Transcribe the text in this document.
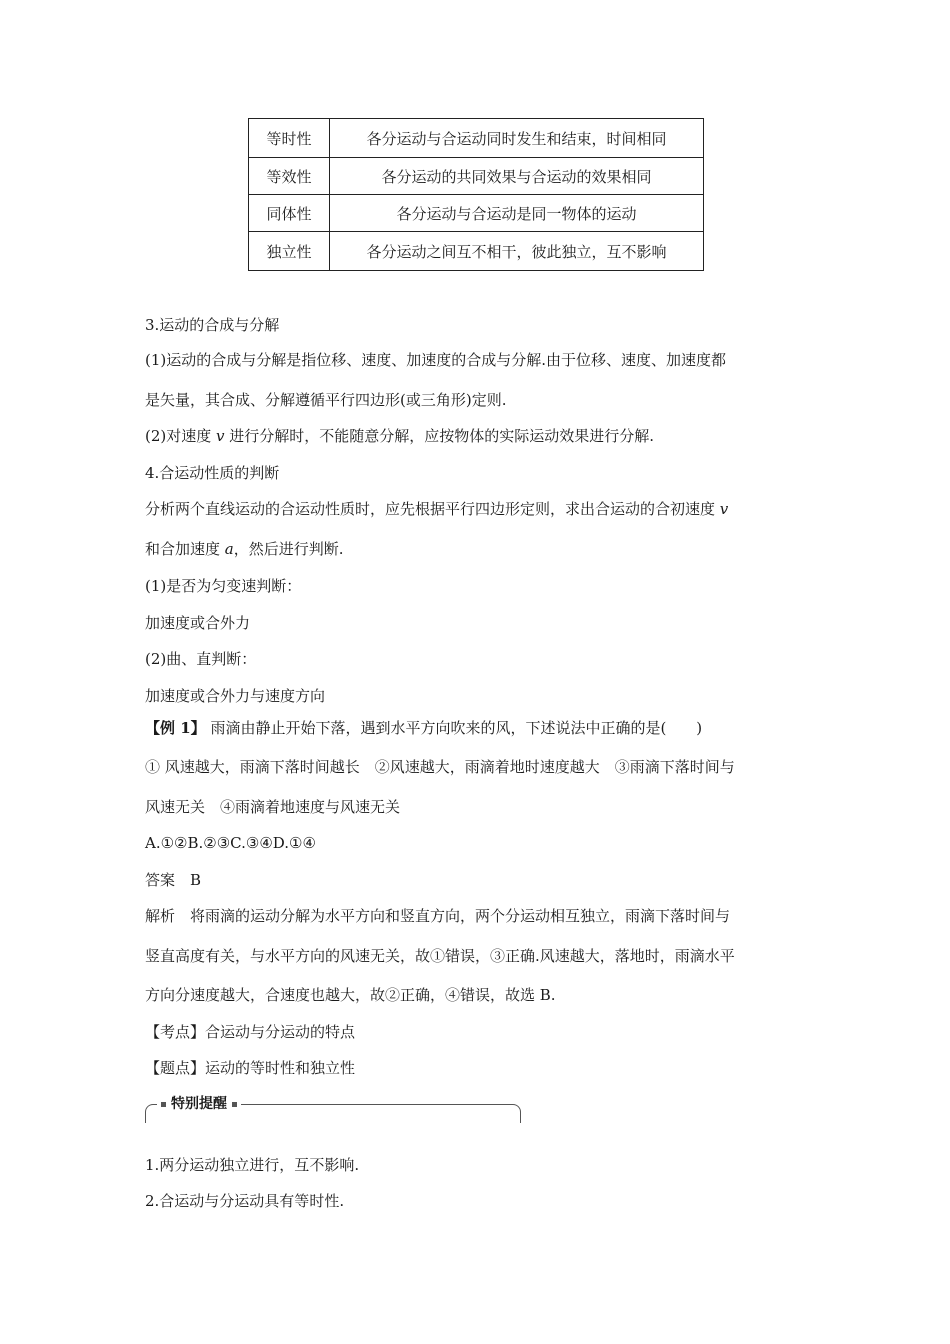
等时性	各分运动与合运动同时发生和结束，时间相同
等效性	各分运动的共同效果与合运动的效果相同
同体性	各分运动与合运动是同一物体的运动
独立性	各分运动之间互不相干，彼此独立，互不影响
3.运动的合成与分解
(1)运动的合成与分解是指位移、速度、加速度的合成与分解.由于位移、速度、加速度都
是矢量，其合成、分解遵循平行四边形(或三角形)定则.
(2)对速度 v 进行分解时，不能随意分解，应按物体的实际运动效果进行分解.
4.合运动性质的判断
分析两个直线运动的合运动性质时，应先根据平行四边形定则，求出合运动的合初速度 v
和合加速度 a，然后进行判断.
(1)是否为匀变速判断：
加速度或合外力
(2)曲、直判断：
加速度或合外力与速度方向
【例 1】 雨滴由静止开始下落，遇到水平方向吹来的风，下述说法中正确的是(　　)
① 风速越大，雨滴下落时间越长　②风速越大，雨滴着地时速度越大　③雨滴下落时间与
风速无关　④雨滴着地速度与风速无关
A.①②B.②③C.③④D.①④
答案　B
解析　将雨滴的运动分解为水平方向和竖直方向，两个分运动相互独立，雨滴下落时间与
竖直高度有关，与水平方向的风速无关，故①错误，③正确.风速越大，落地时，雨滴水平
方向分速度越大，合速度也越大，故②正确，④错误，故选 B.
【考点】合运动与分运动的特点
【题点】运动的等时性和独立性
特别提醒
1.两分运动独立进行，互不影响.
2.合运动与分运动具有等时性.
